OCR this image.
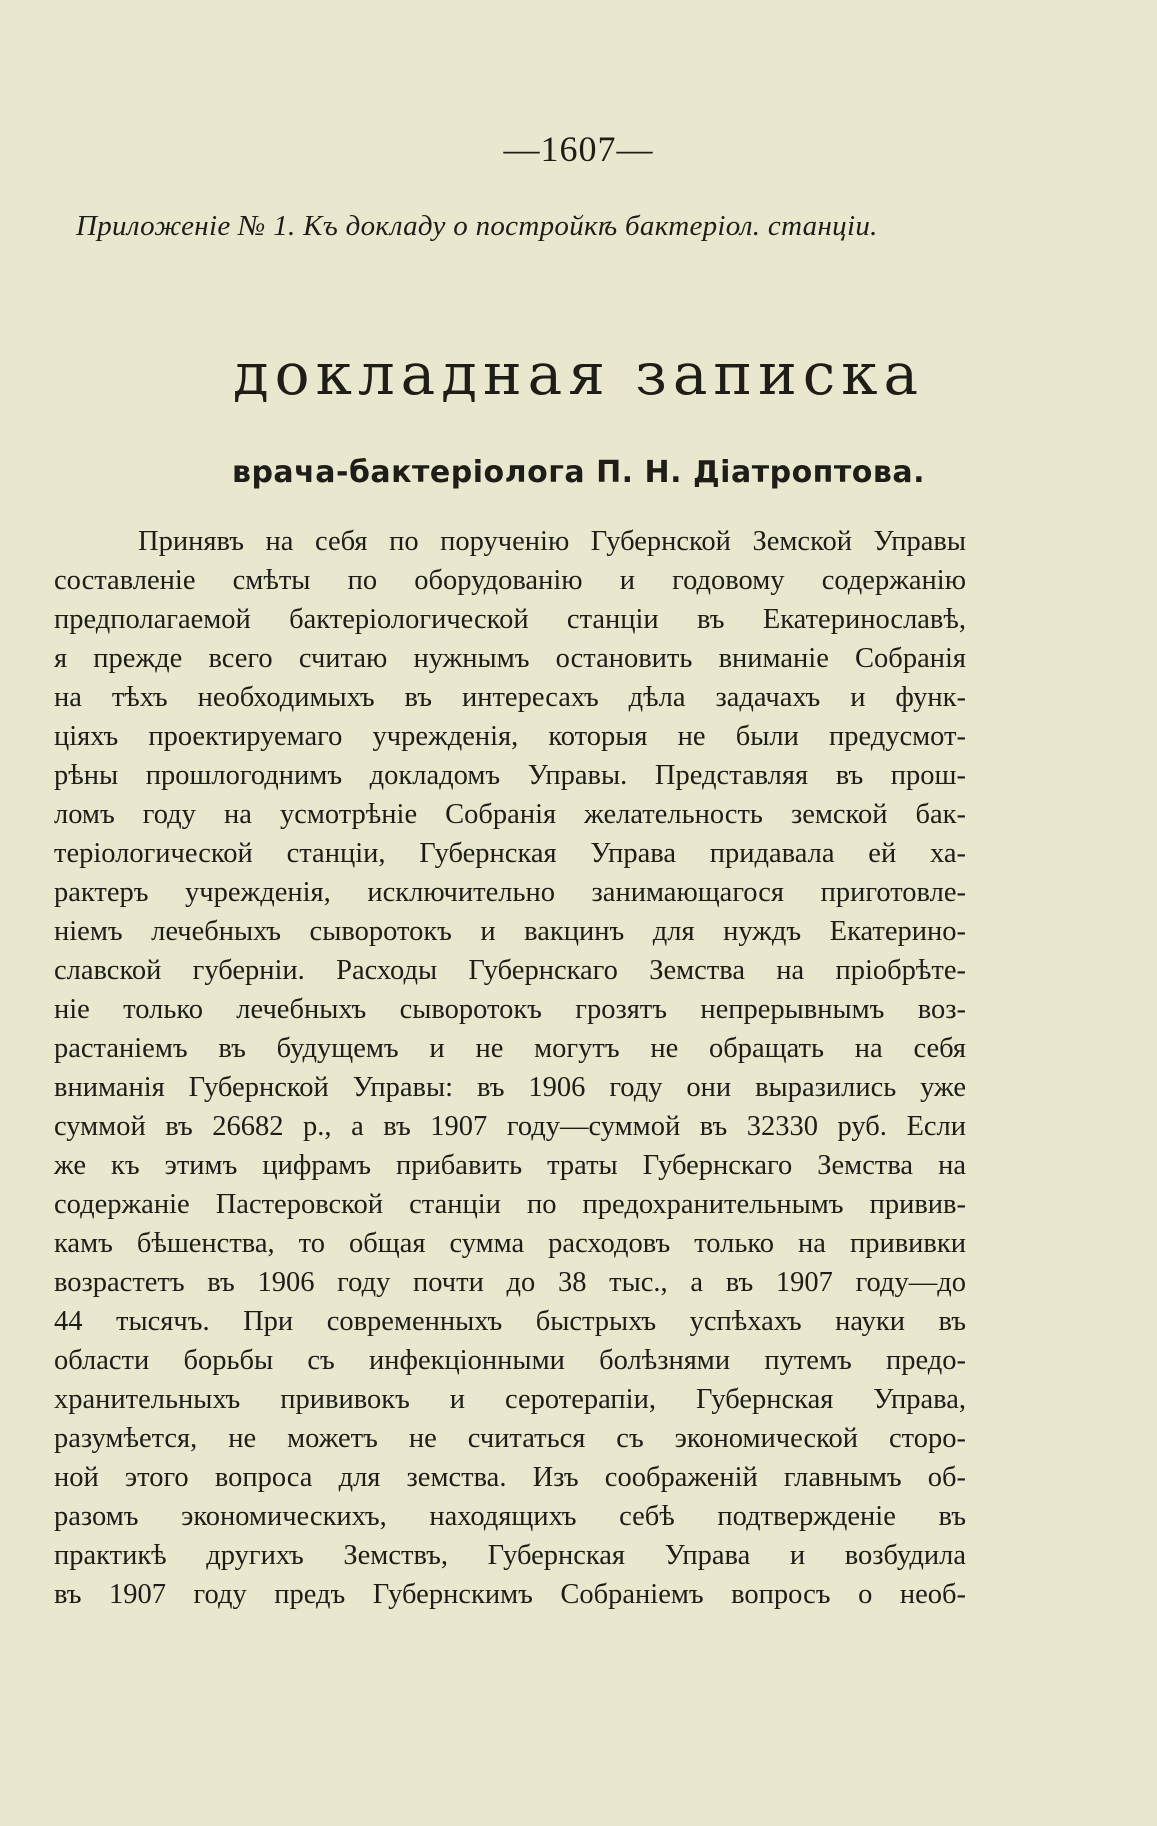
—1607—
Приложеніе № 1. Къ докладу о постройкѣ бактеріол. станціи.
докладная записка
врача-бактеріолога П. Н. Діатроптова.

Принявъ на себя по порученію Губернской Земской Управы
составленіе смѣты по оборудованію и годовому содержанію
предполагаемой бактеріологической станціи въ Екатеринославѣ,
я прежде всего считаю нужнымъ остановить вниманіе Собранія
на тѣхъ необходимыхъ въ интересахъ дѣла задачахъ и функ-
ціяхъ проектируемаго учрежденія, которыя не были предусмот-
рѣны прошлогоднимъ докладомъ Управы. Представляя въ прош-
ломъ году на усмотрѣніе Собранія желательность земской бак-
теріологической станціи, Губернская Управа придавала ей ха-
рактеръ учрежденія, исключительно занимающагося приготовле-
ніемъ лечебныхъ сыворотокъ и вакцинъ для нуждъ Екатерино-
славской губерніи. Расходы Губернскаго Земства на пріобрѣте-
ніе только лечебныхъ сыворотокъ грозятъ непрерывнымъ воз-
растаніемъ въ будущемъ и не могутъ не обращать на себя
вниманія Губернской Управы: въ 1906 году они выразились уже
суммой въ 26682 р., а въ 1907 году—суммой въ 32330 руб. Если
же къ этимъ цифрамъ прибавить траты Губернскаго Земства на
содержаніе Пастеровской станціи по предохранительнымъ привив-
камъ бѣшенства, то общая сумма расходовъ только на прививки
возрастетъ въ 1906 году почти до 38 тыс., а въ 1907 году—до
44 тысячъ. При современныхъ быстрыхъ успѣхахъ науки въ
области борьбы съ инфекціонными болѣзнями путемъ предо-
хранительныхъ прививокъ и серотерапіи, Губернская Управа,
разумѣется, не можетъ не считаться съ экономической сторо-
ной этого вопроса для земства. Изъ соображеній главнымъ об-
разомъ экономическихъ, находящихъ себѣ подтвержденіе въ
практикѣ другихъ Земствъ, Губернская Управа и возбудила
въ 1907 году предъ Губернскимъ Собраніемъ вопросъ о необ-
